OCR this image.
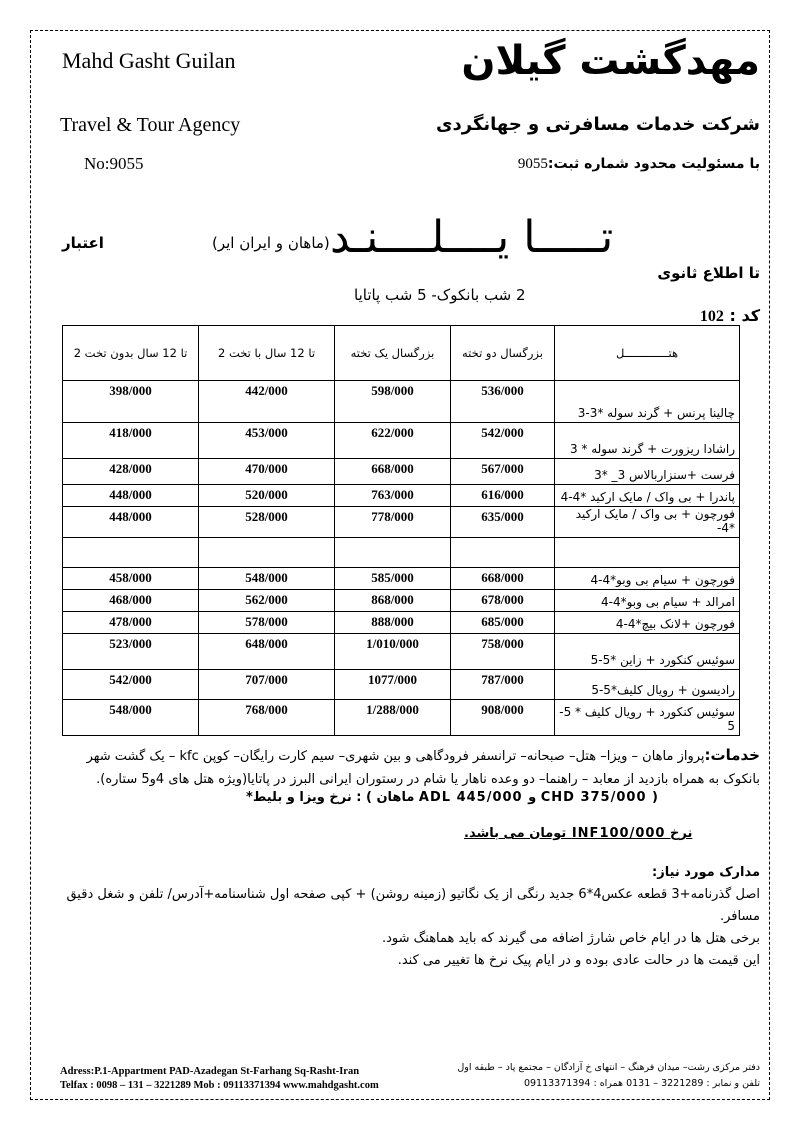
Mahd Gasht Guilan	مهدگشت گیلان
Travel & Tour Agency	شرکت خدمات مسافرتی و جهانگردی
No:9055	با مسئولیت محدود شماره ثبت:9055
تـــــا یــــلــــنـد
(ماهان و ایران ایر)
اعتبار
تا اطلاع ثانوی
2 شب بانکوک- 5 شب پاتایا
کد : 102
2 تا 12 سال بدون تخت	2 تا 12 سال با تخت	بزرگسال یک تخته	بزرگسال دو تخته	هتـــــــــــــل
398/000	442/000	598/000	536/000	چالینا پرنس + گرند سوله *3-3
418/000	453/000	622/000	542/000	راشادا ریزورت + گرند سوله * 3
428/000	470/000	668/000	567/000	فرست +سنزاربالاس 3_ *3
448/000	520/000	763/000	616/000	پاندرا + بی واک / مایک ارکید *4-4
448/000	528/000	778/000	635/000	فورچون + بی واک / مایک ارکید *4-

458/000	548/000	585/000	668/000	فورچون + سیام بی وبو*4-4
468/000	562/000	868/000	678/000	امرالد + سیام بی وبو*4-4
478/000	578/000	888/000	685/000	فورچون +لانک بیچ*4-4
523/000	648/000	1/010/000	758/000	سوئیس کنکورد + زاین *5-5
542/000	707/000	1077/000	787/000	رادیسون + رویال کلیف*5-5
548/000	768/000	1/288/000	908/000	سوئیس کنکورد + رویال کلیف * 5-5
خدمات:پرواز ماهان – ویزا– هتل– صبحانه– ترانسفر فرودگاهی و بین شهری– سیم کارت رایگان– کوپن kfc – یک گشت شهر بانکوک به همراه بازدید از معابد – راهنما– دو وعده ناهار یا شام در رستوران ایرانی البرز در پاتایا(ویژه هتل های 4و5 ستاره).
*نرخ ویزا و بلیط : ( ماهان ADL 445/000 و CHD 375/000 )
نرخ INF100/000 تومان می باشد.
مدارک مورد نیاز:
اصل گذرنامه+3 قطعه عکس4*6 جدید رنگی از یک نگاتیو (زمینه روشن) + کپی صفحه اول شناسنامه+آدرس/ تلفن و شغل دقیق مسافر.
برخی هتل ها در ایام خاص شارژ اضافه می گیرند که باید هماهنگ شود.
این قیمت ها در حالت عادی بوده و در ایام پیک نرخ ها تغییر می کند.
Adress:P.1-Appartment PAD-Azadegan St-Farhang Sq-Rasht-Iran
Telfax : 0098 – 131 – 3221289 Mob : 09113371394 www.mahdgasht.com
دفتر مرکزی رشت– میدان فرهنگ – انتهای خ آزادگان – مجتمع پاد – طبقه اول
تلفن و نمابر : 3221289 – 0131 همراه : 09113371394
